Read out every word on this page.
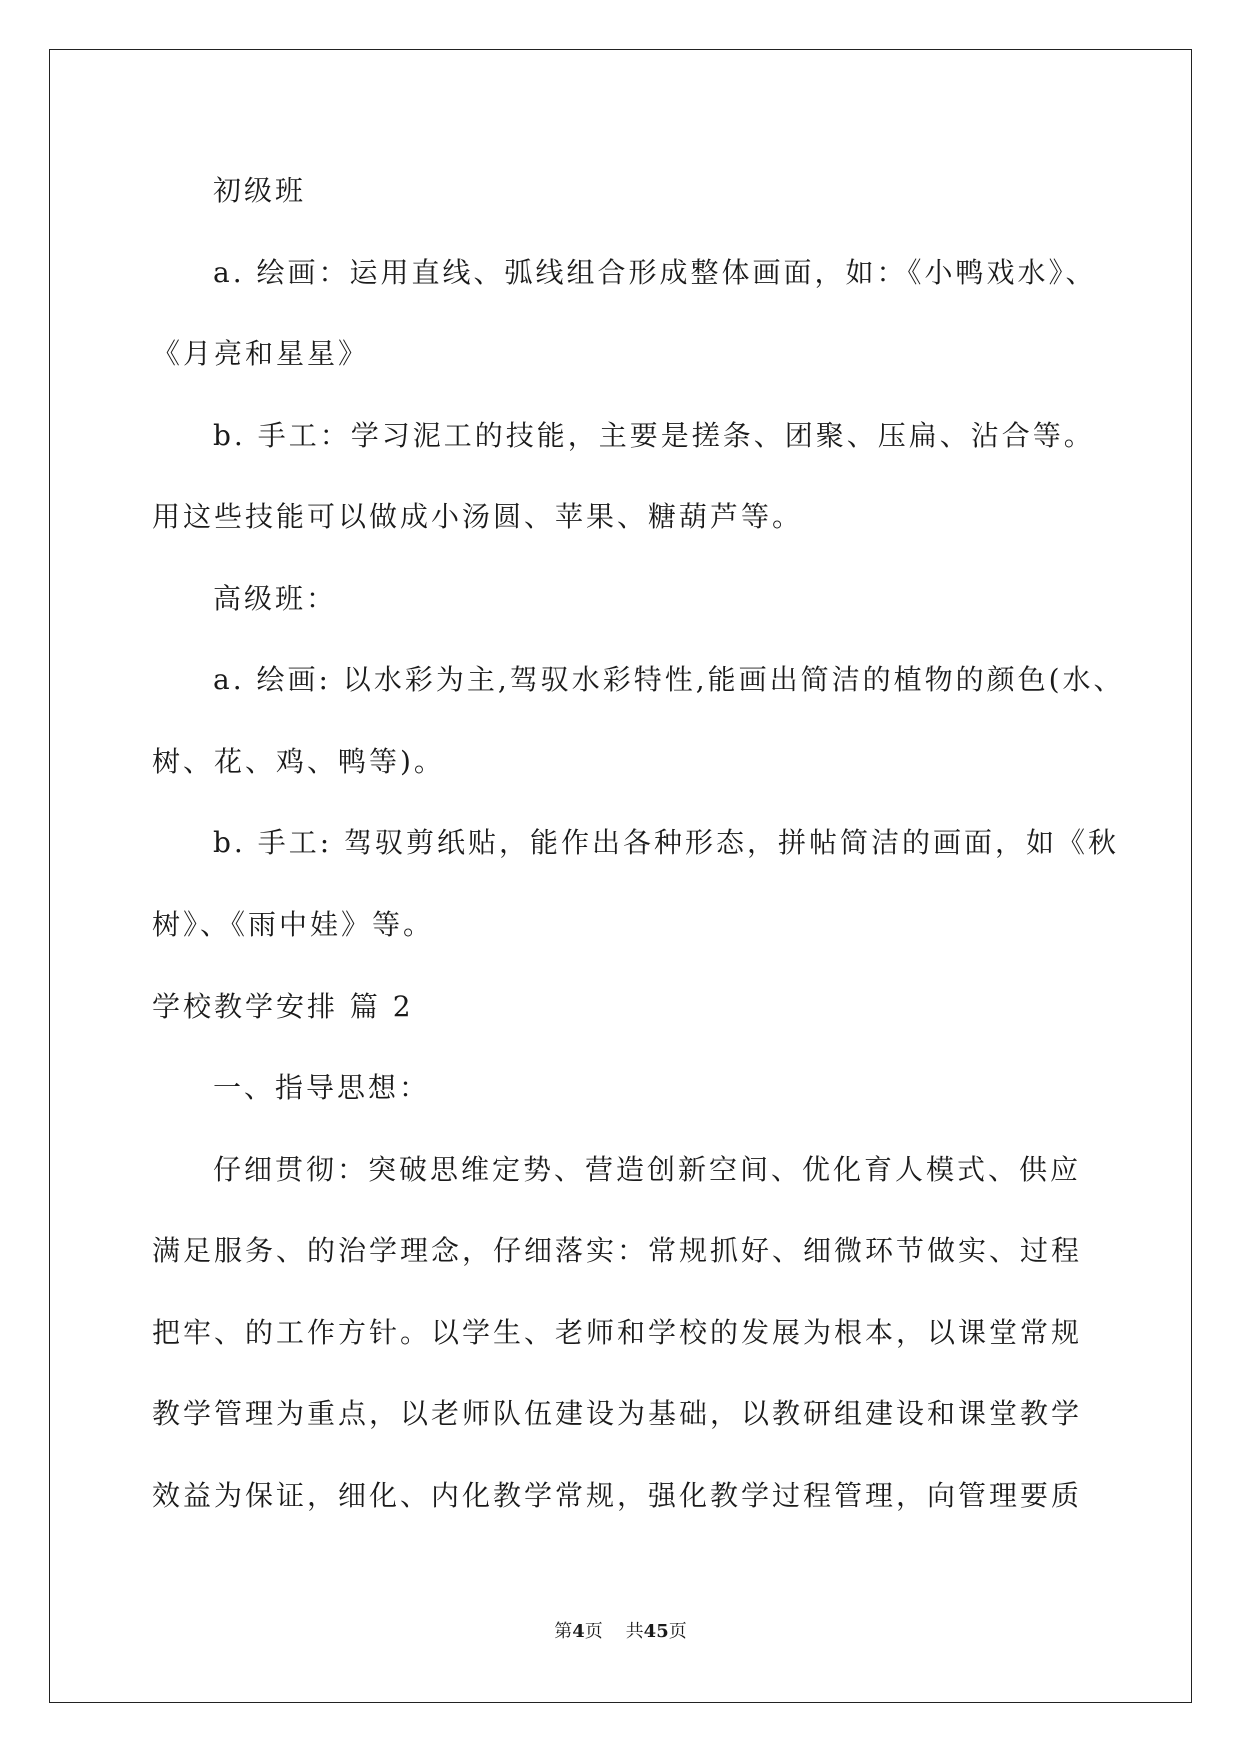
初级班

a. 绘画：运用直线、弧线组合形成整体画面，如：《小鸭戏水》、

《月亮和星星》

b. 手工：学习泥工的技能，主要是搓条、团聚、压扁、沾合等。

用这些技能可以做成小汤圆、苹果、糖葫芦等。

高级班：

a. 绘画: 以水彩为主,驾驭水彩特性,能画出简洁的植物的颜色(水、

树、花、鸡、鸭等)。

b. 手工: 驾驭剪纸贴，能作出各种形态，拼帖简洁的画面，如《秋

树》、《雨中娃》等。

学校教学安排 篇 2

一、指导思想：

仔细贯彻：突破思维定势、营造创新空间、优化育人模式、供应

满足服务、的治学理念，仔细落实：常规抓好、细微环节做实、过程

把牢、的工作方针。以学生、老师和学校的发展为根本，以课堂常规

教学管理为重点，以老师队伍建设为基础，以教研组建设和课堂教学

效益为保证，细化、内化教学常规，强化教学过程管理，向管理要质

第4页 共45页
